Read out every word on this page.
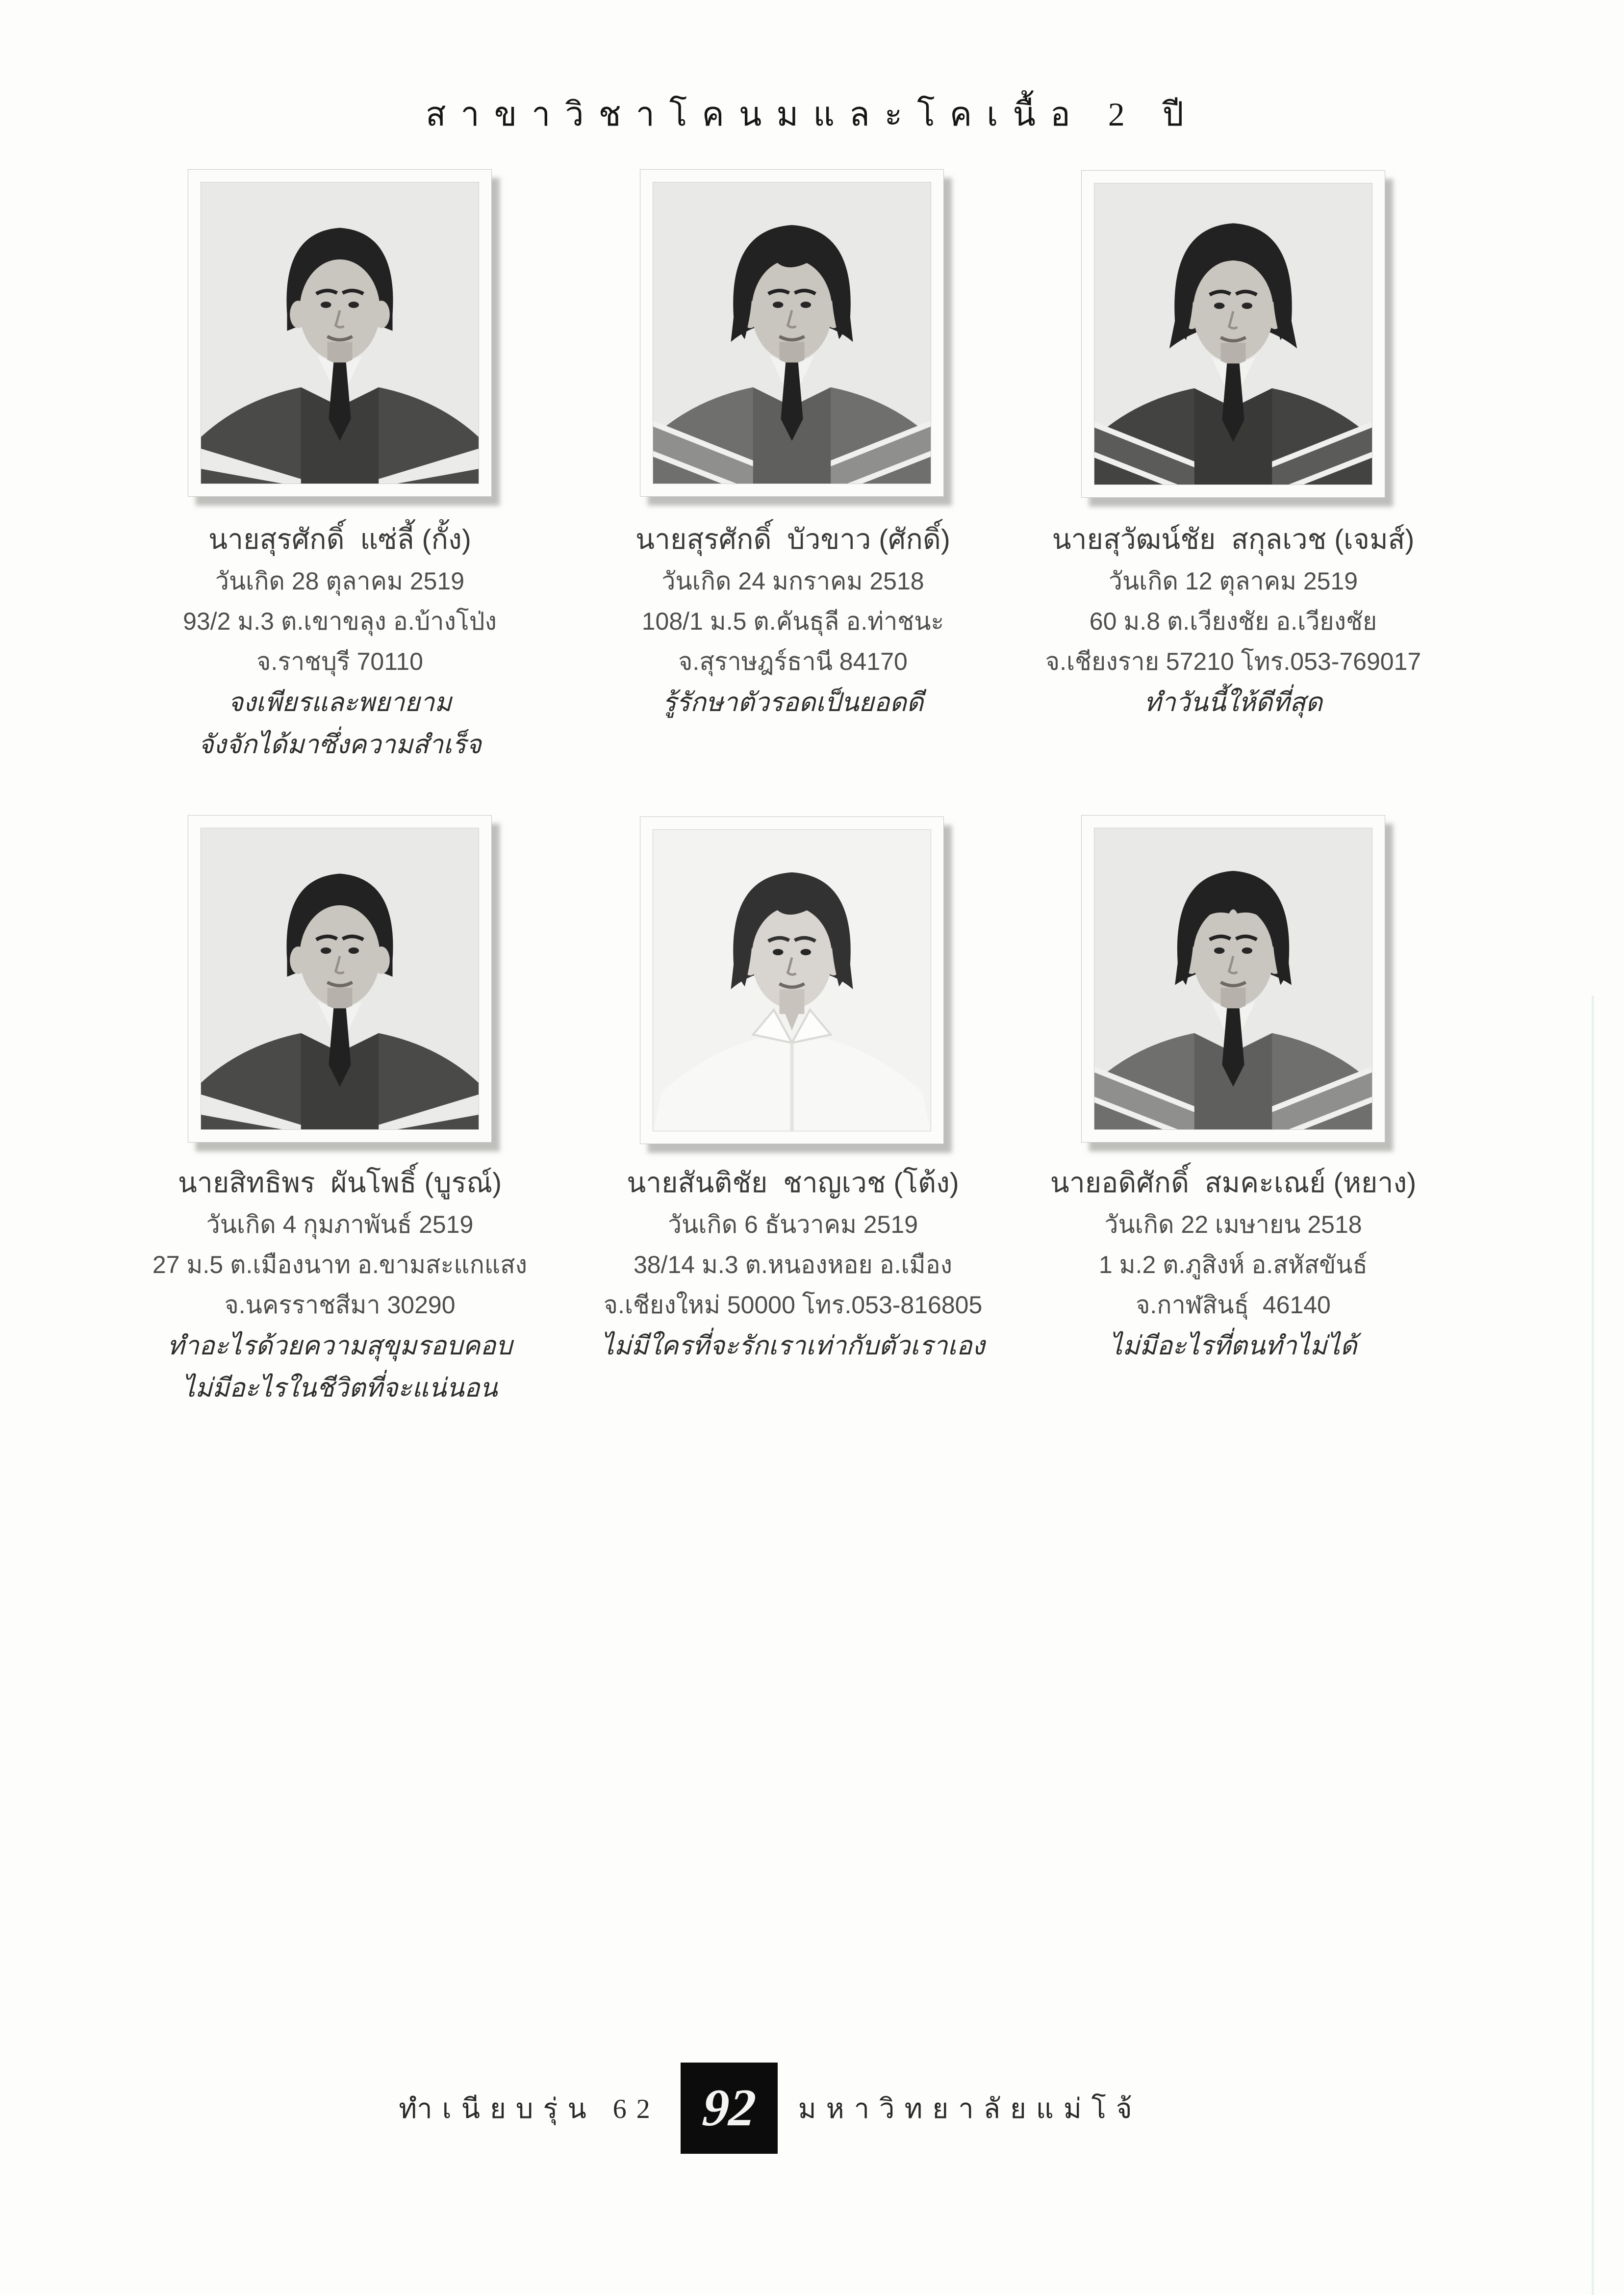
สาขาวิชาโคนมและโคเนื้อ 2 ปี
นายสุรศักดิ์  แซ่ลี้ (กั้ง)
วันเกิด 28 ตุลาคม 2519
93/2 ม.3 ต.เขาขลุง อ.บ้างโป่ง
จ.ราชบุรี 70110
จงเพียรและพยายาม
จังจักได้มาซึ่งความสำเร็จ
นายสุรศักดิ์  บัวขาว (ศักดิ์)
วันเกิด 24 มกราคม 2518
108/1 ม.5 ต.คันธุลี อ.ท่าชนะ
จ.สุราษฎร์ธานี 84170
รู้รักษาตัวรอดเป็นยอดดี
นายสุวัฒน์ชัย  สกุลเวช (เจมส์)
วันเกิด 12 ตุลาคม 2519
60 ม.8 ต.เวียงชัย อ.เวียงชัย
จ.เชียงราย 57210 โทร.053-769017
ทำวันนี้ให้ดีที่สุด
นายสิทธิพร  ผันโพธิ์ (บูรณ์)
วันเกิด 4 กุมภาพันธ์ 2519
27 ม.5 ต.เมืองนาท อ.ขามสะแกแสง
จ.นครราชสีมา 30290
ทำอะไรด้วยความสุขุมรอบคอบ
ไม่มีอะไรในชีวิตที่จะแน่นอน
นายสันติชัย  ชาญเวช (โต้ง)
วันเกิด 6 ธันวาคม 2519
38/14 ม.3 ต.หนองหอย อ.เมือง
จ.เชียงใหม่ 50000 โทร.053-816805
ไม่มีใครที่จะรักเราเท่ากับตัวเราเอง
นายอดิศักดิ์  สมคะเณย์ (หยาง)
วันเกิด 22 เมษายน 2518
1 ม.2 ต.ภูสิงห์ อ.สหัสขันธ์
จ.กาฬสินธุ์  46140
ไม่มีอะไรที่ตนทำไม่ได้
ทำเนียบรุ่น 62 92 มหาวิทยาลัยแม่โจ้
